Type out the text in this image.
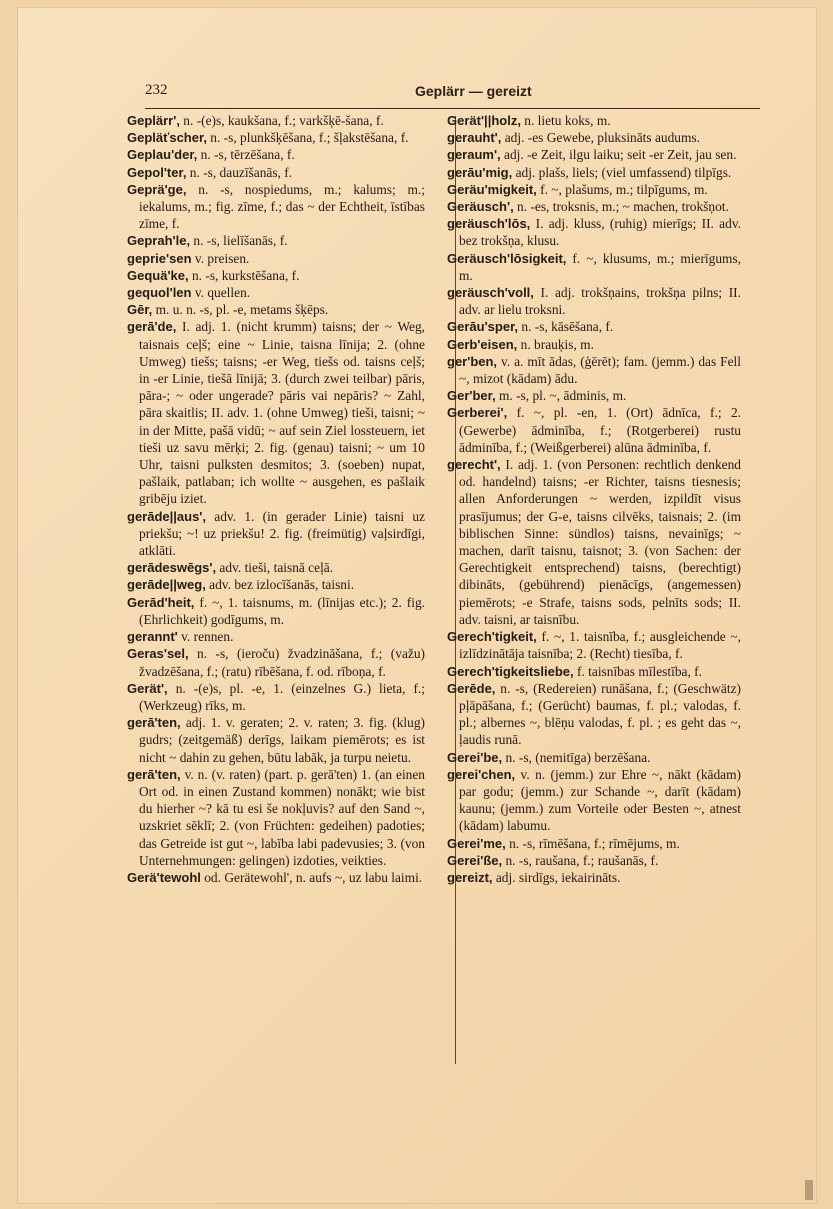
232	Geplärr — gereizt

Geplärr', n. -(e)s, kaukšana, f.; varkšķē-šana, f.

Gepläťscher, n. -s, plunkšķēšana, f.; šļakstēšana, f.

Geplau'der, n. -s, tērzēšana, f.

Gepol'ter, n. -s, dauzīšanās, f.

Geprä'ge, n. -s, nospiedums, m.; kalums; m.; iekalums, m.; fig. zīme, f.; das ~ der Echtheit, īstības zīme, f.

Geprah'le, n. -s, lielīšanās, f.

geprie'sen v. preisen.

Gequä'ke, n. -s, kurkstēšana, f.

gequol'len v. quellen.

Gēr, m. u. n. -s, pl. -e, metams šķēps.

gerā'de, I. adj. 1. (nicht krumm) taisns; der ~ Weg, taisnais ceļš; eine ~ Linie, taisna līnija; 2. (ohne Umweg) tiešs; taisns; -er Weg, tiešs od. taisns ceļš; in -er Linie, tiešā līnijā; 3. (durch zwei teilbar) pāris, pāra-; ~ oder ungerade? pāris vai nepāris? ~ Zahl, pāra skaitlis; II. adv. 1. (ohne Umweg) tieši, taisni; ~ in der Mitte, pašā vidū; ~ auf sein Ziel lossteuern, iet tieši uz savu mērķi; 2. fig. (genau) taisni; ~ um 10 Uhr, taisni pulksten desmitos; 3. (soeben) nupat, pašlaik, patlaban; ich wollte ~ ausgehen, es pašlaik gribēju iziet.

gerāde||aus', adv. 1. (in gerader Linie) taisni uz priekšu; ~! uz priekšu! 2. fig. (freimütig) vaļsirdīgi, atklāti.

gerādeswēgs', adv. tieši, taisnā ceļā.

gerāde||weg, adv. bez izlocīšanās, taisni.

Gerād'heit, f. ~, 1. taisnums, m. (līnijas etc.); 2. fig. (Ehrlichkeit) godīgums, m.

gerannt' v. rennen.

Geras'sel, n. -s, (ieroču) žvadzināšana, f.; (važu) žvadzēšana, f.; (ratu) rībēšana, f. od. rīboņa, f.

Gerät', n. -(e)s, pl. -e, 1. (einzelnes G.) lieta, f.; (Werkzeug) rīks, m.

gerā'ten, adj. 1. v. geraten; 2. v. raten; 3. fig. (klug) gudrs; (zeitgemäß) derīgs, laikam piemērots; es ist nicht ~ dahin zu gehen, būtu labāk, ja turpu neietu.

gerā'ten, v. n. (v. raten) (part. p. gerā'ten) 1. (an einen Ort od. in einen Zustand kommen) nonākt; wie bist du hierher ~? kā tu esi še nokļuvis? auf den Sand ~, uzskriet sēklī; 2. (von Früchten: gedeihen) padoties; das Getreide ist gut ~, labība labi padevusies; 3. (von Unternehmungen: gelingen) izdoties, veikties.

Gerä'tewohl od. Gerätewohl', n. aufs ~, uz labu laimi.

Gerät'||holz, n. lietu koks, m.

gerauht', adj. -es Gewebe, pluksināts audums.

geraum', adj. -e Zeit, ilgu laiku; seit -er Zeit, jau sen.

gerāu'mig, adj. plašs, liels; (viel umfassend) tilpīgs.

Geräu'migkeit, f. ~, plašums, m.; tilpīgums, m.

Geräusch', n. -es, troksnis, m.; ~ machen, trokšņot.

geräusch'lōs, I. adj. kluss, (ruhig) mierīgs; II. adv. bez trokšņa, klusu.

Geräusch'lōsigkeit, f. ~, klusums, m.; mierīgums, m.

geräusch'voll, I. adj. trokšņains, trokšņa pilns; II. adv. ar lielu troksni.

Gerāu'sper, n. -s, kāsēšana, f.

Gerb'eisen, n. brauķis, m.

ger'ben, v. a. mīt ādas, (ģērēt); fam. (jemm.) das Fell ~, mizot (kādam) ādu.

Ger'ber, m. -s, pl. ~, ādminis, m.

Gerberei', f. ~, pl. -en, 1. (Ort) ādnīca, f.; 2. (Gewerbe) ādminība, f.; (Rotgerberei) rustu ādminība, f.; (Weißgerberei) alūna ādminība, f.

gerecht', I. adj. 1. (von Personen: rechtlich denkend od. handelnd) taisns; -er Richter, taisns tiesnesis; allen Anforderungen ~ werden, izpildīt visus prasījumus; der G-e, taisns cilvēks, taisnais; 2. (im biblischen Sinne: sündlos) taisns, nevainīgs; ~ machen, darīt taisnu, taisnot; 3. (von Sachen: der Gerechtigkeit entsprechend) taisns, (berechtigt) dibināts, (gebührend) pienācīgs, (angemessen) piemērots; -e Strafe, taisns sods, pelnīts sods; II. adv. taisni, ar taisnību.

Gerech'tigkeit, f. ~, 1. taisnība, f.; ausgleichende ~, izlīdzinātāja taisnība; 2. (Recht) tiesība, f.

Gerech'tigkeitsliebe, f. taisnības mīlestība, f.

Gerēde, n. -s, (Redereien) runāšana, f.; (Geschwätz) pļāpāšana, f.; (Gerücht) baumas, f. pl.; valodas, f. pl.; albernes ~, blēņu valodas, f. pl. ; es geht das ~, ļaudis runā.

Gerei'be, n. -s, (nemitīga) berzēšana.

gerei'chen, v. n. (jemm.) zur Ehre ~, nākt (kādam) par godu; (jemm.) zur Schande ~, darīt (kādam) kaunu; (jemm.) zum Vorteile oder Besten ~, atnest (kādam) labumu.

Gerei'me, n. -s, rīmēšana, f.; rīmējums, m.

Gerei'ße, n. -s, raušana, f.; raušanās, f.

gereizt, adj. sirdīgs, iekairināts.
